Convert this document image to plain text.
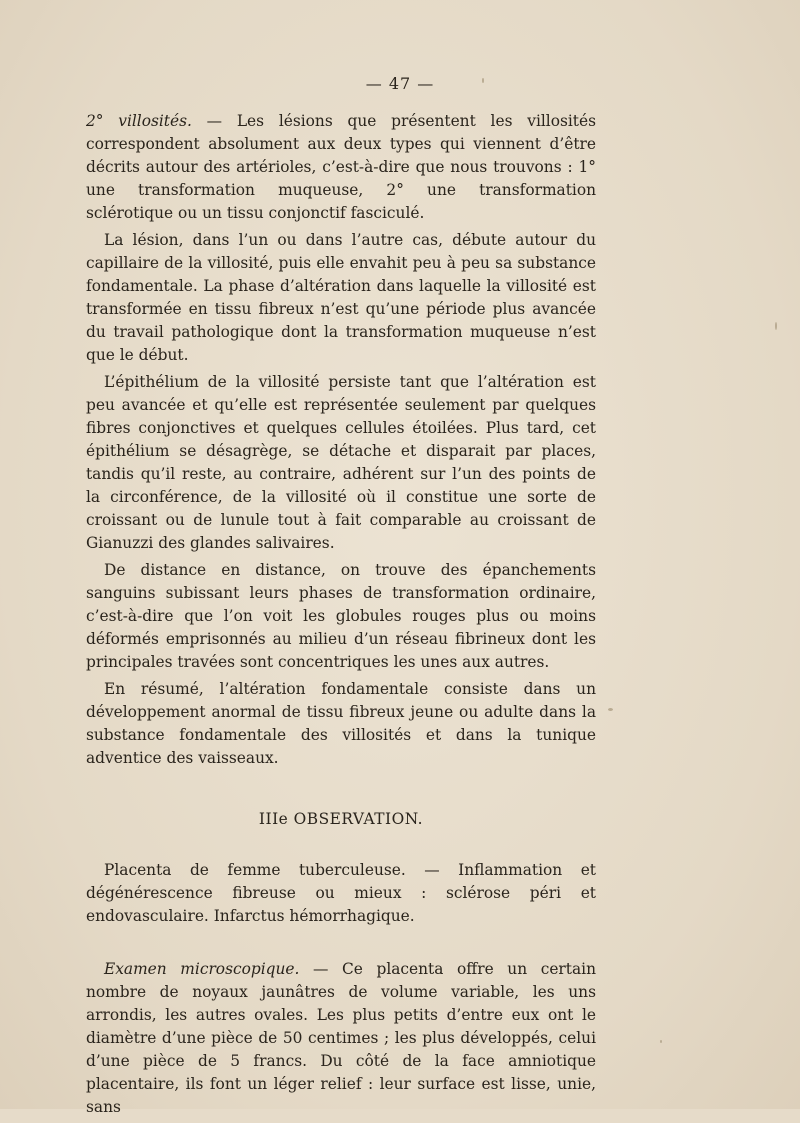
— 47 —

2° villosités. — Les lésions que présentent les villosités correspondent absolument aux deux types qui viennent d’être décrits autour des artérioles, c’est-à-dire que nous trouvons : 1° une transformation muqueuse, 2° une transformation sclérotique ou un tissu conjonctif fasciculé.

La lésion, dans l’un ou dans l’autre cas, débute autour du capillaire de la villosité, puis elle envahit peu à peu sa substance fondamentale. La phase d’altération dans laquelle la villosité est transformée en tissu fibreux n’est qu’une période plus avancée du travail pathologique dont la transformation muqueuse n’est que le début.

L’épithélium de la villosité persiste tant que l’altération est peu avancée et qu’elle est représentée seulement par quelques fibres conjonctives et quelques cellules étoilées. Plus tard, cet épithélium se désagrège, se détache et disparait par places, tandis qu’il reste, au contraire, adhérent sur l’un des points de la circonférence, de la villosité où il constitue une sorte de croissant ou de lunule tout à fait comparable au croissant de Gianuzzi des glandes salivaires.

De distance en distance, on trouve des épanchements sanguins subissant leurs phases de transformation ordinaire, c’est-à-dire que l’on voit les globules rouges plus ou moins déformés emprisonnés au milieu d’un réseau fibrineux dont les principales travées sont concentriques les unes aux autres.

En résumé, l’altération fondamentale consiste dans un développement anormal de tissu fibreux jeune ou adulte dans la substance fondamentale des villosités et dans la tunique adventice des vaisseaux.

IIIe OBSERVATION.

Placenta de femme tuberculeuse. — Inflammation et dégénérescence fibreuse ou mieux : sclérose péri et endovasculaire. Infarctus hémorrhagique.

Examen microscopique. — Ce placenta offre un certain nombre de noyaux jaunâtres de volume variable, les uns arrondis, les autres ovales. Les plus petits d’entre eux ont le diamètre d’une pièce de 50 centimes ; les plus développés, celui d’une pièce de 5 francs. Du côté de la face amniotique placentaire, ils font un léger relief : leur surface est lisse, unie, sans
